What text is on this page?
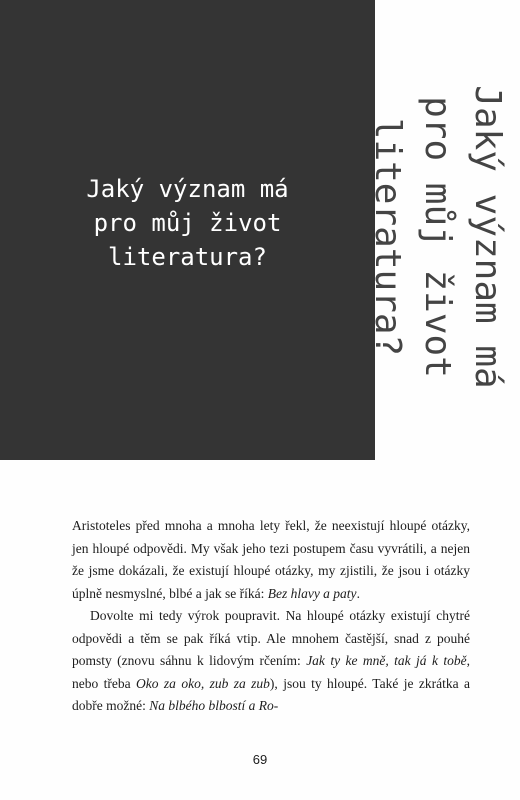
Jaký význam má
pro můj život
literatura?	Jaký význam má
pro můj život
literatura?

Aristoteles před mnoha a mnoha lety řekl, že neexistují hloupé otázky, jen hloupé odpovědi. My však jeho tezi postupem času vyvrátili, a nejen že jsme dokázali, že existují hloupé otázky, my zjistili, že jsou i otázky úplně nesmyslné, blbé a jak se říká: Bez hlavy a paty.

Dovolte mi tedy výrok poupravit. Na hloupé otázky existují chytré odpovědi a těm se pak říká vtip. Ale mnohem častější, snad z pouhé pomsty (znovu sáhnu k lidovým rčením: Jak ty ke mně, tak já k tobě, nebo třeba Oko za oko, zub za zub), jsou ty hloupé. Také je zkrátka a dobře možné: Na blbého blbostí a Ro-

69
